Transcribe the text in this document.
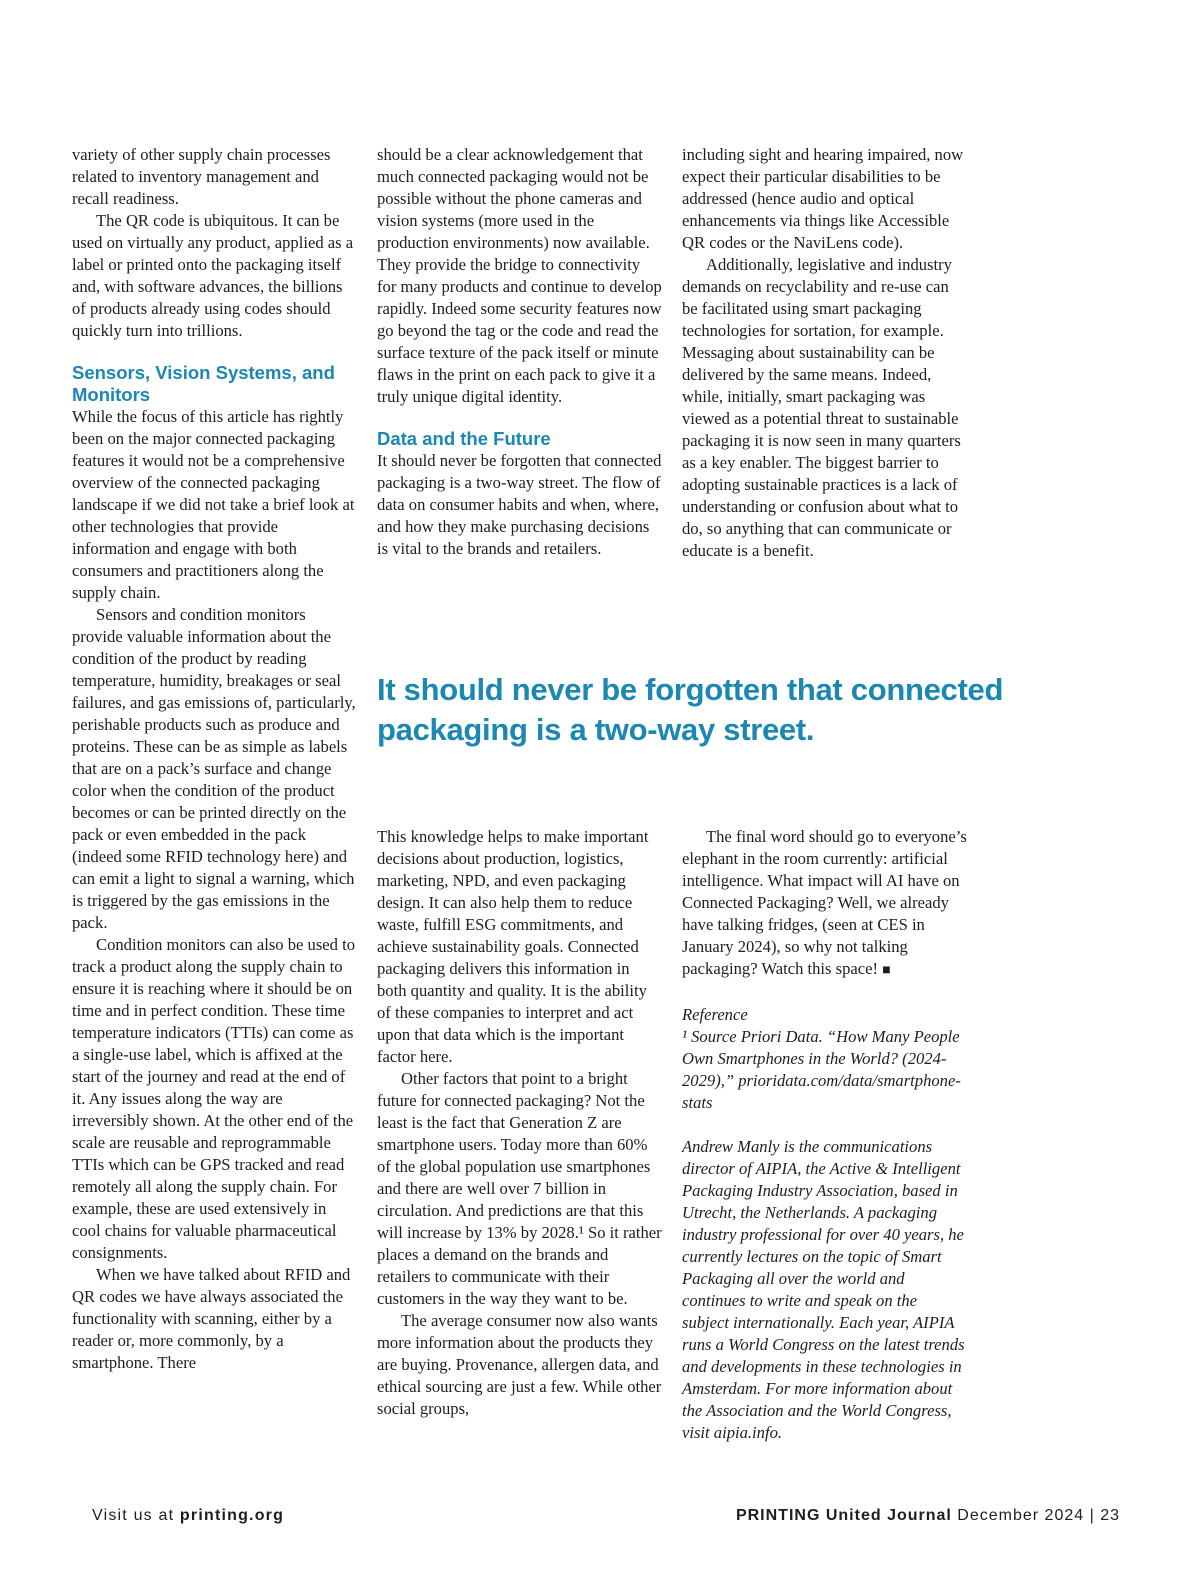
variety of other supply chain processes related to inventory management and recall readiness.

The QR code is ubiquitous. It can be used on virtually any product, applied as a label or printed onto the packaging itself and, with software advances, the billions of products already using codes should quickly turn into trillions.

Sensors, Vision Systems, and Monitors

While the focus of this article has rightly been on the major connected packaging features it would not be a comprehensive overview of the connected packaging landscape if we did not take a brief look at other technologies that provide information and engage with both consumers and practitioners along the supply chain.

Sensors and condition monitors provide valuable information about the condition of the product by reading temperature, humidity, breakages or seal failures, and gas emissions of, particularly, perishable products such as produce and proteins. These can be as simple as labels that are on a pack’s surface and change color when the condition of the product becomes or can be printed directly on the pack or even embedded in the pack (indeed some RFID technology here) and can emit a light to signal a warning, which is triggered by the gas emissions in the pack.

Condition monitors can also be used to track a product along the supply chain to ensure it is reaching where it should be on time and in perfect condition. These time temperature indicators (TTIs) can come as a single-use label, which is affixed at the start of the journey and read at the end of it. Any issues along the way are irreversibly shown. At the other end of the scale are reusable and reprogrammable TTIs which can be GPS tracked and read remotely all along the supply chain. For example, these are used extensively in cool chains for valuable pharmaceutical consignments.

When we have talked about RFID and QR codes we have always associated the functionality with scanning, either by a reader or, more commonly, by a smartphone. There

should be a clear acknowledgement that much connected packaging would not be possible without the phone cameras and vision systems (more used in the production environments) now available. They provide the bridge to connectivity for many products and continue to develop rapidly. Indeed some security features now go beyond the tag or the code and read the surface texture of the pack itself or minute flaws in the print on each pack to give it a truly unique digital identity.

Data and the Future

It should never be forgotten that connected packaging is a two-way street. The flow of data on consumer habits and when, where, and how they make purchasing decisions is vital to the brands and retailers.

including sight and hearing impaired, now expect their particular disabilities to be addressed (hence audio and optical enhancements via things like Accessible QR codes or the NaviLens code).

Additionally, legislative and industry demands on recyclability and re-use can be facilitated using smart packaging technologies for sortation, for example. Messaging about sustainability can be delivered by the same means. Indeed, while, initially, smart packaging was viewed as a potential threat to sustainable packaging it is now seen in many quarters as a key enabler. The biggest barrier to adopting sustainable practices is a lack of understanding or confusion about what to do, so anything that can communicate or educate is a benefit.

It should never be forgotten that connected packaging is a two-way street.

This knowledge helps to make important decisions about production, logistics, marketing, NPD, and even packaging design. It can also help them to reduce waste, fulfill ESG commitments, and achieve sustainability goals. Connected packaging delivers this information in both quantity and quality. It is the ability of these companies to interpret and act upon that data which is the important factor here.

Other factors that point to a bright future for connected packaging? Not the least is the fact that Generation Z are smartphone users. Today more than 60% of the global population use smartphones and there are well over 7 billion in circulation. And predictions are that this will increase by 13% by 2028.¹ So it rather places a demand on the brands and retailers to communicate with their customers in the way they want to be.

The average consumer now also wants more information about the products they are buying. Provenance, allergen data, and ethical sourcing are just a few. While other social groups,

The final word should go to everyone’s elephant in the room currently: artificial intelligence. What impact will AI have on Connected Packaging? Well, we already have talking fridges, (seen at CES in January 2024), so why not talking packaging? Watch this space! ■

Reference

¹ Source Priori Data. “How Many People Own Smartphones in the World? (2024-2029),” prioridata.com/data/smartphone-stats

Andrew Manly is the communications director of AIPIA, the Active & Intelligent Packaging Industry Association, based in Utrecht, the Netherlands. A packaging industry professional for over 40 years, he currently lectures on the topic of Smart Packaging all over the world and continues to write and speak on the subject internationally. Each year, AIPIA runs a World Congress on the latest trends and developments in these technologies in Amsterdam. For more information about the Association and the World Congress, visit aipia.info.

Visit us at printing.org	PRINTING United Journal December 2024 | 23
